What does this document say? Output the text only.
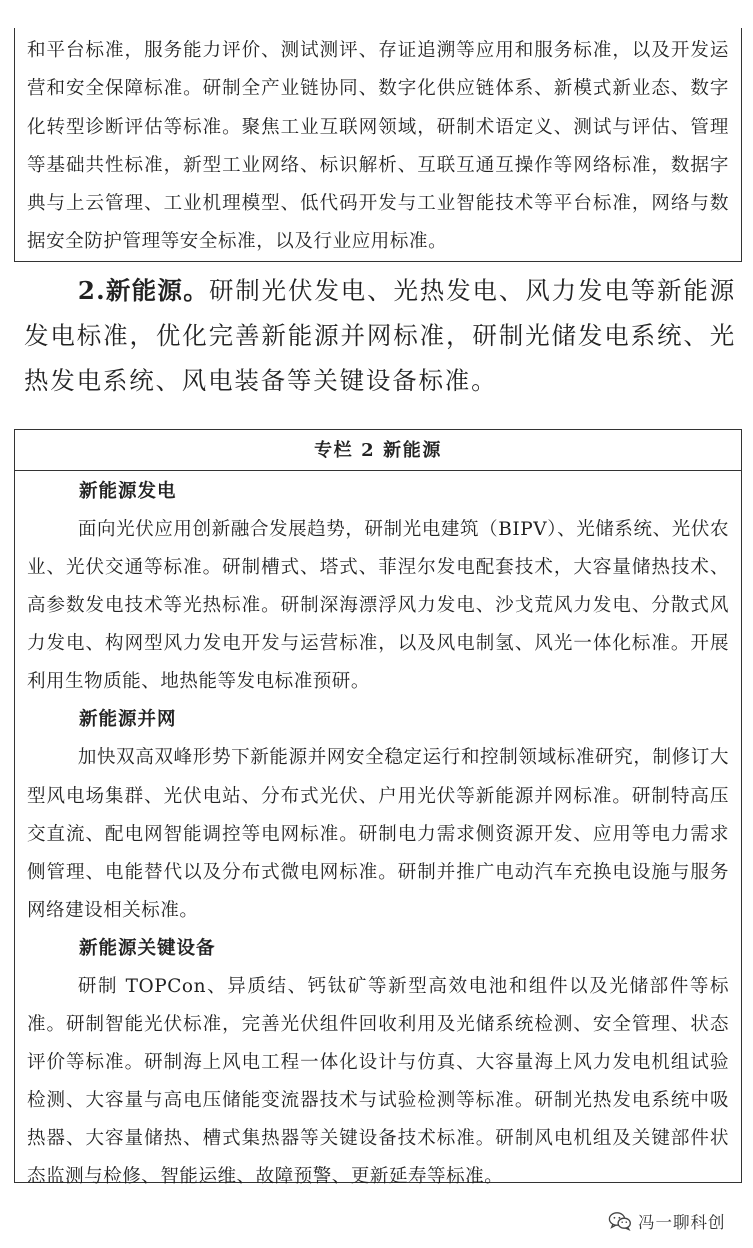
和平台标准，服务能力评价、测试测评、存证追溯等应用和服务标准，以及开发运营和安全保障标准。研制全产业链协同、数字化供应链体系、新模式新业态、数字化转型诊断评估等标准。聚焦工业互联网领域，研制术语定义、测试与评估、管理等基础共性标准，新型工业网络、标识解析、互联互通互操作等网络标准，数据字典与上云管理、工业机理模型、低代码开发与工业智能技术等平台标准，网络与数据安全防护管理等安全标准，以及行业应用标准。

2.新能源。研制光伏发电、光热发电、风力发电等新能源发电标准，优化完善新能源并网标准，研制光储发电系统、光热发电系统、风电装备等关键设备标准。

专栏 2 新能源

新能源发电

面向光伏应用创新融合发展趋势，研制光电建筑（BIPV）、光储系统、光伏农业、光伏交通等标准。研制槽式、塔式、菲涅尔发电配套技术，大容量储热技术、高参数发电技术等光热标准。研制深海漂浮风力发电、沙戈荒风力发电、分散式风力发电、构网型风力发电开发与运营标准，以及风电制氢、风光一体化标准。开展利用生物质能、地热能等发电标准预研。

新能源并网

加快双高双峰形势下新能源并网安全稳定运行和控制领域标准研究，制修订大型风电场集群、光伏电站、分布式光伏、户用光伏等新能源并网标准。研制特高压交直流、配电网智能调控等电网标准。研制电力需求侧资源开发、应用等电力需求侧管理、电能替代以及分布式微电网标准。研制并推广电动汽车充换电设施与服务网络建设相关标准。

新能源关键设备

研制 TOPCon、异质结、钙钛矿等新型高效电池和组件以及光储部件等标准。研制智能光伏标准，完善光伏组件回收利用及光储系统检测、安全管理、状态评价等标准。研制海上风电工程一体化设计与仿真、大容量海上风力发电机组试验检测、大容量与高电压储能变流器技术与试验检测等标准。研制光热发电系统中吸热器、大容量储热、槽式集热器等关键设备技术标准。研制风电机组及关键部件状态监测与检修、智能运维、故障预警、更新延寿等标准。

冯一聊科创
